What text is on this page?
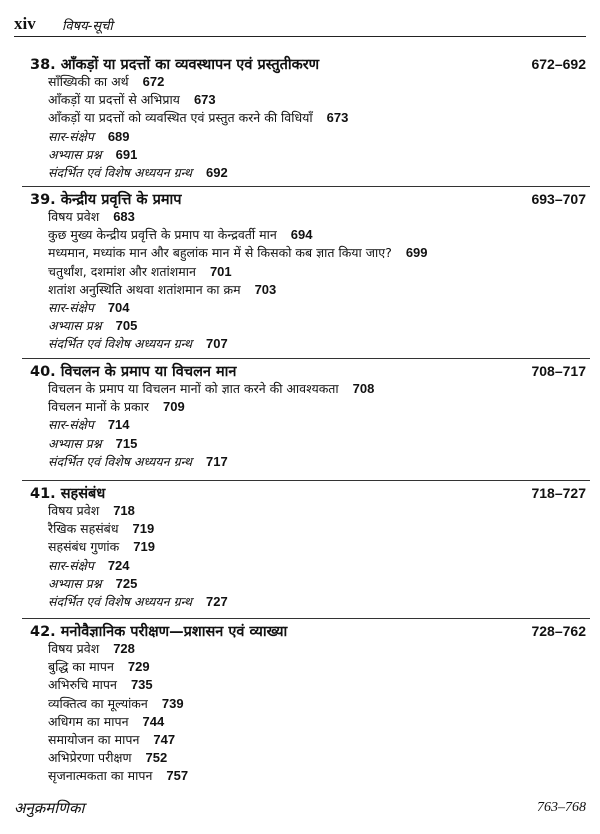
xiv विषय-सूची
38. आँकड़ों या प्रदत्तों का व्यवस्थापन एवं प्रस्तुतीकरण	672–692
साँख्यिकी का अर्थ 672
आँकड़ों या प्रदत्तों से अभिप्राय 673
आँकड़ों या प्रदत्तों को व्यवस्थित एवं प्रस्तुत करने की विधियाँ 673
सार-संक्षेप 689
अभ्यास प्रश्न 691
संदर्भित एवं विशेष अध्ययन ग्रन्थ 692
39. केन्द्रीय प्रवृत्ति के प्रमाप	693–707
विषय प्रवेश 683
कुछ मुख्य केन्द्रीय प्रवृत्ति के प्रमाप या केन्द्रवर्ती मान 694
मध्यमान, मध्यांक मान और बहुलांक मान में से किसको कब ज्ञात किया जाए? 699
चतुर्थांश, दशमांश और शतांशमान 701
शतांश अनुस्थिति अथवा शतांशमान का क्रम 703
सार-संक्षेप 704
अभ्यास प्रश्न 705
संदर्भित एवं विशेष अध्ययन ग्रन्थ 707
40. विचलन के प्रमाप या विचलन मान	708–717
विचलन के प्रमाप या विचलन मानों को ज्ञात करने की आवश्यकता 708
विचलन मानों के प्रकार 709
सार-संक्षेप 714
अभ्यास प्रश्न 715
संदर्भित एवं विशेष अध्ययन ग्रन्थ 717
41. सहसंबंध	718–727
विषय प्रवेश 718
रैखिक सहसंबंध 719
सहसंबंध गुणांक 719
सार-संक्षेप 724
अभ्यास प्रश्न 725
संदर्भित एवं विशेष अध्ययन ग्रन्थ 727
42. मनोवैज्ञानिक परीक्षण—प्रशासन एवं व्याख्या	728–762
विषय प्रवेश 728
बुद्धि का मापन 729
अभिरुचि मापन 735
व्यक्तित्व का मूल्यांकन 739
अधिगम का मापन 744
समायोजन का मापन 747
अभिप्रेरणा परीक्षण 752
सृजनात्मकता का मापन 757
अनुक्रमणिका	763–768
